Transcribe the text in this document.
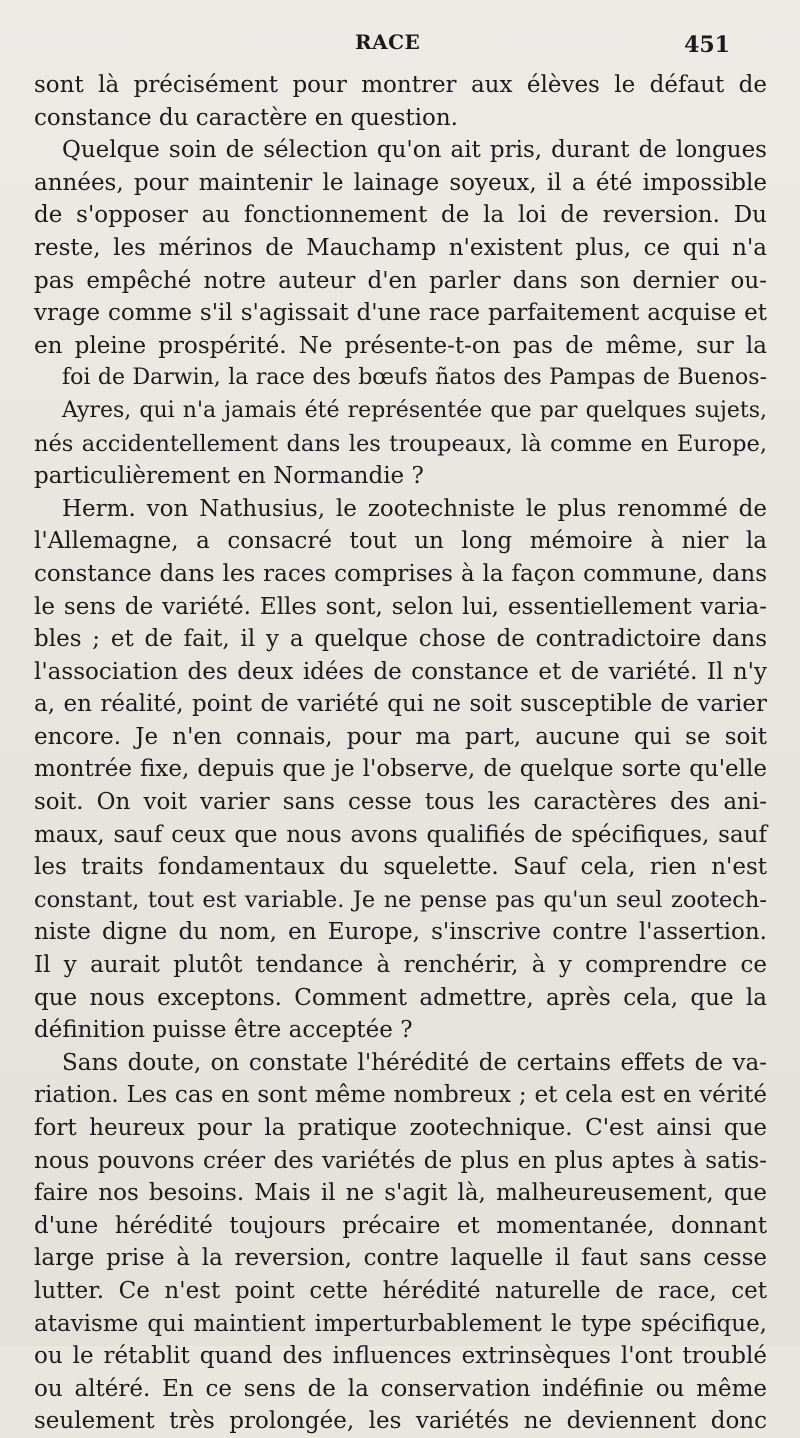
RACE	451
sont là précisément pour montrer aux élèves le défaut de
constance du caractère en question.
Quelque soin de sélection qu'on ait pris, durant de longues
années, pour maintenir le lainage soyeux, il a été impossible
de s'opposer au fonctionnement de la loi de reversion. Du
reste, les mérinos de Mauchamp n'existent plus, ce qui n'a
pas empêché notre auteur d'en parler dans son dernier ou-
vrage comme s'il s'agissait d'une race parfaitement acquise et
en pleine prospérité. Ne présente-t-on pas de même, sur la
foi de Darwin, la race des bœufs ñatos des Pampas de Buenos-
Ayres, qui n'a jamais été représentée que par quelques sujets,
nés accidentellement dans les troupeaux, là comme en Europe,
particulièrement en Normandie ?
Herm. von Nathusius, le zootechniste le plus renommé de
l'Allemagne, a consacré tout un long mémoire à nier la
constance dans les races comprises à la façon commune, dans
le sens de variété. Elles sont, selon lui, essentiellement varia-
bles ; et de fait, il y a quelque chose de contradictoire dans
l'association des deux idées de constance et de variété. Il n'y
a, en réalité, point de variété qui ne soit susceptible de varier
encore. Je n'en connais, pour ma part, aucune qui se soit
montrée fixe, depuis que je l'observe, de quelque sorte qu'elle
soit. On voit varier sans cesse tous les caractères des ani-
maux, sauf ceux que nous avons qualifiés de spécifiques, sauf
les traits fondamentaux du squelette. Sauf cela, rien n'est
constant, tout est variable. Je ne pense pas qu'un seul zootech-
niste digne du nom, en Europe, s'inscrive contre l'assertion.
Il y aurait plutôt tendance à renchérir, à y comprendre ce
que nous exceptons. Comment admettre, après cela, que la
définition puisse être acceptée ?
Sans doute, on constate l'hérédité de certains effets de va-
riation. Les cas en sont même nombreux ; et cela est en vérité
fort heureux pour la pratique zootechnique. C'est ainsi que
nous pouvons créer des variétés de plus en plus aptes à satis-
faire nos besoins. Mais il ne s'agit là, malheureusement, que
d'une hérédité toujours précaire et momentanée, donnant
large prise à la reversion, contre laquelle il faut sans cesse
lutter. Ce n'est point cette hérédité naturelle de race, cet
atavisme qui maintient imperturbablement le type spécifique,
ou le rétablit quand des influences extrinsèques l'ont troublé
ou altéré. En ce sens de la conservation indéfinie ou même
seulement très prolongée, les variétés ne deviennent donc
